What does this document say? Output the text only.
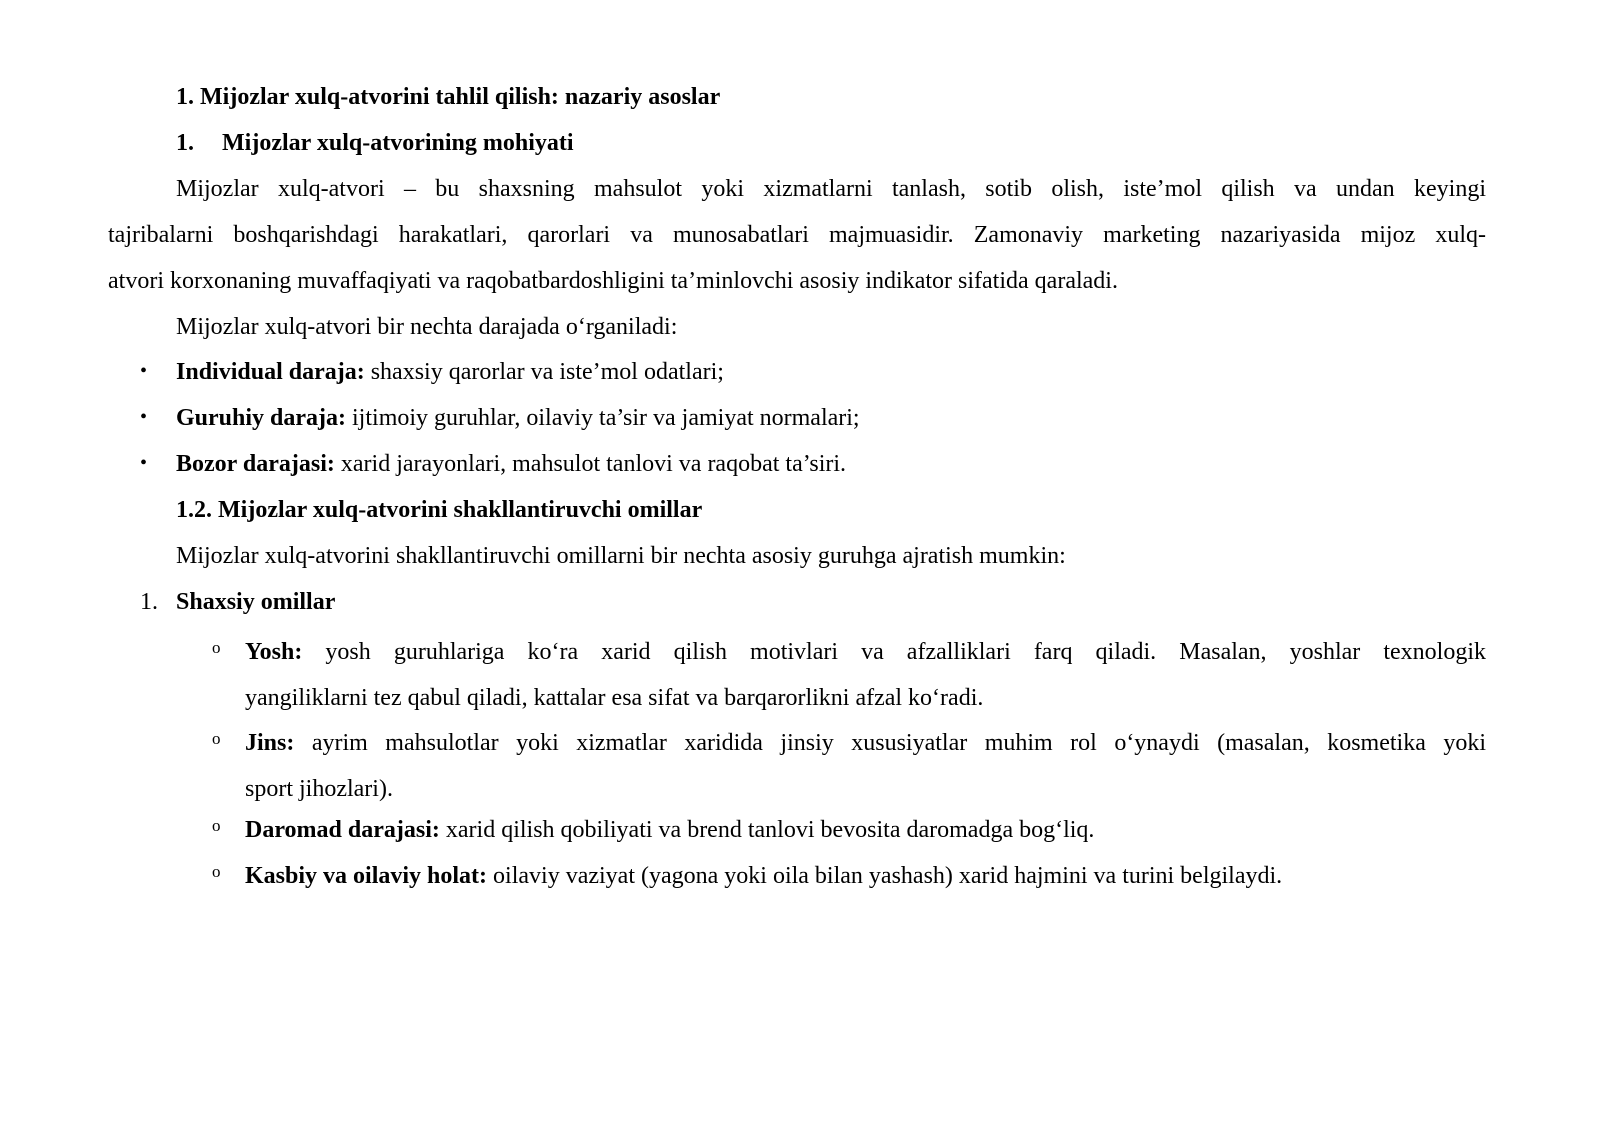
1. Mijozlar xulq-atvorini tahlil qilish: nazariy asoslar
1. Mijozlar xulq-atvorining mohiyati
Mijozlar xulq-atvori – bu shaxsning mahsulot yoki xizmatlarni tanlash, sotib olish, iste’mol qilish va undan keyingi
tajribalarni boshqarishdagi harakatlari, qarorlari va munosabatlari majmuasidir. Zamonaviy marketing nazariyasida mijoz xulq-
atvori korxonaning muvaffaqiyati va raqobatbardoshligini ta’minlovchi asosiy indikator sifatida qaraladi.
Mijozlar xulq-atvori bir nechta darajada o‘rganiladi:
• Individual daraja: shaxsiy qarorlar va iste’mol odatlari;
• Guruhiy daraja: ijtimoiy guruhlar, oilaviy ta’sir va jamiyat normalari;
• Bozor darajasi: xarid jarayonlari, mahsulot tanlovi va raqobat ta’siri.
1.2. Mijozlar xulq-atvorini shakllantiruvchi omillar
Mijozlar xulq-atvorini shakllantiruvchi omillarni bir nechta asosiy guruhga ajratish mumkin:
1. Shaxsiy omillar
o Yosh: yosh guruhlariga ko‘ra xarid qilish motivlari va afzalliklari farq qiladi. Masalan, yoshlar texnologik
yangiliklarni tez qabul qiladi, kattalar esa sifat va barqarorlikni afzal ko‘radi.
o Jins: ayrim mahsulotlar yoki xizmatlar xarididа jinsiy xususiyatlar muhim rol o‘ynaydi (masalan, kosmetika yoki
sport jihozlari).
o Daromad darajasi: xarid qilish qobiliyati va brend tanlovi bevosita daromadga bog‘liq.
o Kasbiy va oilaviy holat: oilaviy vaziyat (yagona yoki oila bilan yashash) xarid hajmini va turini belgilaydi.
